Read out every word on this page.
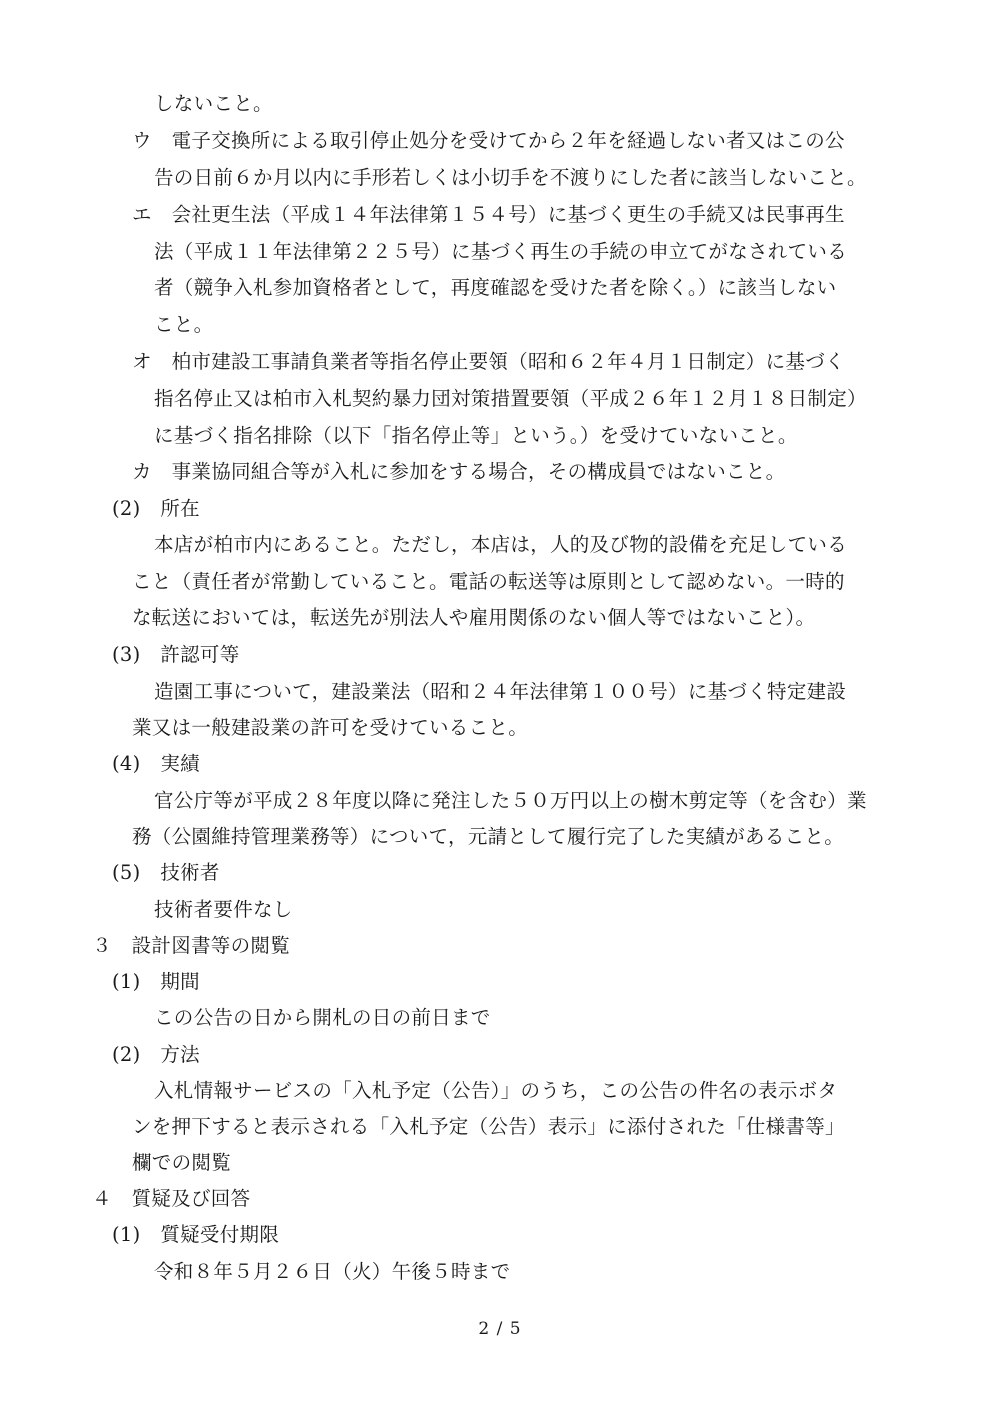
しないこと。
ウ　電子交換所による取引停止処分を受けてから２年を経過しない者又はこの公
告の日前６か月以内に手形若しくは小切手を不渡りにした者に該当しないこと。
エ　会社更生法（平成１４年法律第１５４号）に基づく更生の手続又は民事再生
法（平成１１年法律第２２５号）に基づく再生の手続の申立てがなされている
者（競争入札参加資格者として，再度確認を受けた者を除く。）に該当しない
こと。
オ　柏市建設工事請負業者等指名停止要領（昭和６２年４月１日制定）に基づく
指名停止又は柏市入札契約暴力団対策措置要領（平成２６年１２月１８日制定）
に基づく指名排除（以下「指名停止等」という。）を受けていないこと。
カ　事業協同組合等が入札に参加をする場合，その構成員ではないこと。
(2)　所在
本店が柏市内にあること。ただし，本店は，人的及び物的設備を充足している
こと（責任者が常勤していること。電話の転送等は原則として認めない。一時的
な転送においては，転送先が別法人や雇用関係のない個人等ではないこと）。
(3)　許認可等
造園工事について，建設業法（昭和２４年法律第１００号）に基づく特定建設
業又は一般建設業の許可を受けていること。
(4)　実績
官公庁等が平成２８年度以降に発注した５０万円以上の樹木剪定等（を含む）業
務（公園維持管理業務等）について，元請として履行完了した実績があること。
(5)　技術者
技術者要件なし
３　設計図書等の閲覧
(1)　期間
この公告の日から開札の日の前日まで
(2)　方法
入札情報サービスの「入札予定（公告）」のうち，この公告の件名の表示ボタ
ンを押下すると表示される「入札予定（公告）表示」に添付された「仕様書等」
欄での閲覧
４　質疑及び回答
(1)　質疑受付期限
令和８年５月２６日（火）午後５時まで
2 / 5
